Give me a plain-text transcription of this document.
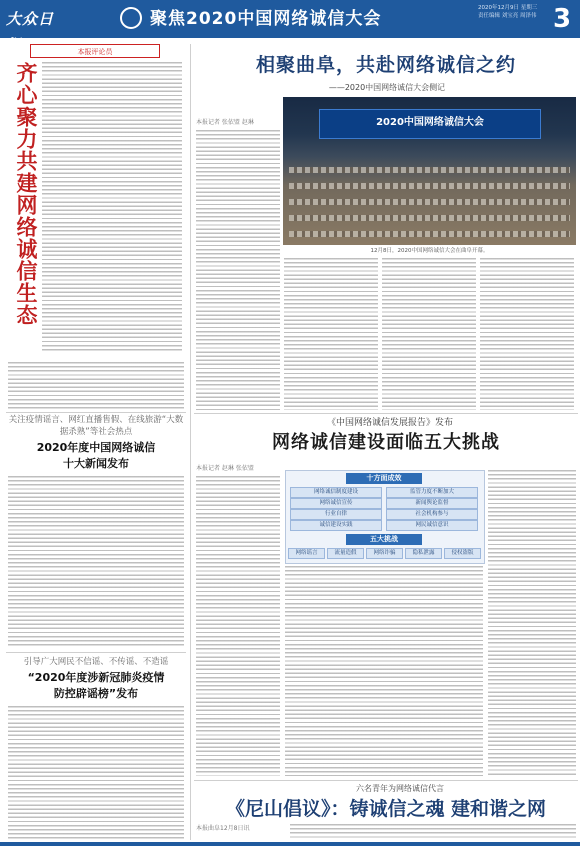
大众日报
聚焦2020中国网络诚信大会
2020年12月9日 星期三
责任编辑 刘宝亮 周泽伟 3
本报评论员
齐心聚力共建网络诚信生态
关注疫情谣言、网红直播售假、在线旅游“大数据杀熟”等社会热点
2020年度中国网络诚信
十大新闻发布
引导广大网民不信谣、不传谣、不造谣
“2020年度涉新冠肺炎疫情
防控辟谣榜”发布
相聚曲阜，共赴网络诚信之约
——2020中国网络诚信大会侧记
本报记者 张依盟 赵琳	2020中国网络诚信大会
12月8日，2020中国网络诚信大会在曲阜开幕。
《中国网络诚信发展报告》发布
网络诚信建设面临五大挑战
本报记者 赵琳 张依盟
十方面成效
网络诚信制度建设	监管力度不断加大
网络诚信宣传	新闻舆论监督
行业自律	社会机构参与
诚信建设实践	网民诚信意识
五大挑战
网络谣言	流量造假	网络诈骗	隐私泄露	侵权盗版
六名青年为网络诚信代言
《尼山倡议》：铸诚信之魂 建和谐之网
本报曲阜12月8日讯
